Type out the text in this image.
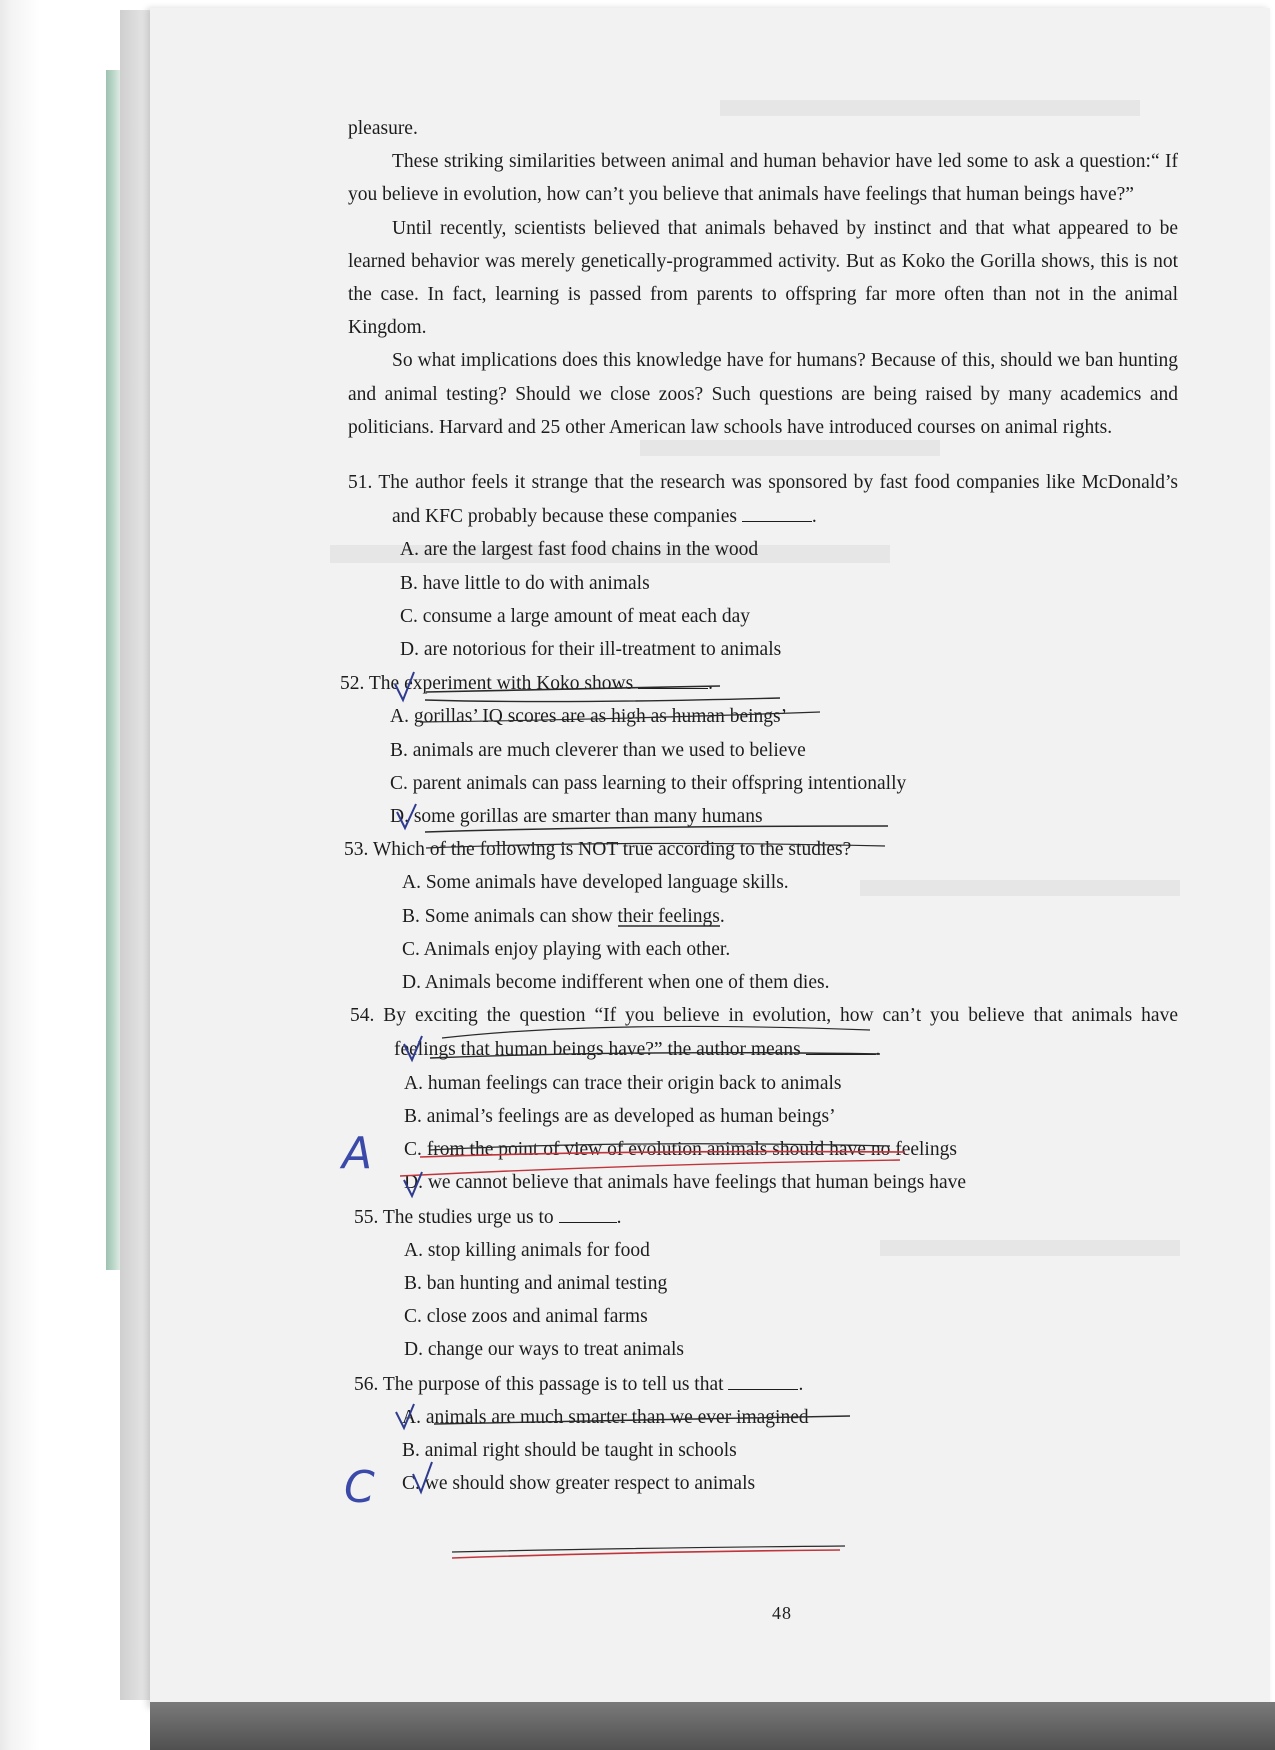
pleasure.

These striking similarities between animal and human behavior have led some to ask a question:“ If you believe in evolution, how can’t you believe that animals have feelings that human beings have?”

Until recently, scientists believed that animals behaved by instinct and that what appeared to be learned behavior was merely genetically-programmed activity. But as Koko the Gorilla shows, this is not the case. In fact, learning is passed from parents to offspring far more often than not in the animal Kingdom.

So what implications does this knowledge have for humans? Because of this, should we ban hunting and animal testing? Should we close zoos? Such questions are being raised by many academics and politicians. Harvard and 25 other American law schools have introduced courses on animal rights.

51. The author feels it strange that the research was sponsored by fast food companies like McDonald’s and KFC probably because these companies	.

A. are the largest fast food chains in the wood

B. have little to do with animals

C. consume a large amount of meat each day

D. are notorious for their ill-treatment to animals

52. The experiment with Koko shows	.

A. gorillas’ IQ scores are as high as human beings’

B. animals are much cleverer than we used to believe

C. parent animals can pass learning to their offspring intentionally

D. some gorillas are smarter than many humans

53. Which of the following is NOT true according to the studies?

A. Some animals have developed language skills.

B. Some animals can show their feelings.

C. Animals enjoy playing with each other.

D. Animals become indifferent when one of them dies.

54. By exciting the question “If you believe in evolution, how can’t you believe that animals have feelings that human beings have?” the author means	.

A. human feelings can trace their origin back to animals

B. animal’s feelings are as developed as human beings’

C. from the point of view of evolution animals should have no feelings

D. we cannot believe that animals have feelings that human beings have

55. The studies urge us to	.

A. stop killing animals for food

B. ban hunting and animal testing

C. close zoos and animal farms

D. change our ways to treat animals

56. The purpose of this passage is to tell us that	.

A. animals are much smarter than we ever imagined

B. animal right should be taught in schools

C. we should show greater respect to animals

48
A
C
